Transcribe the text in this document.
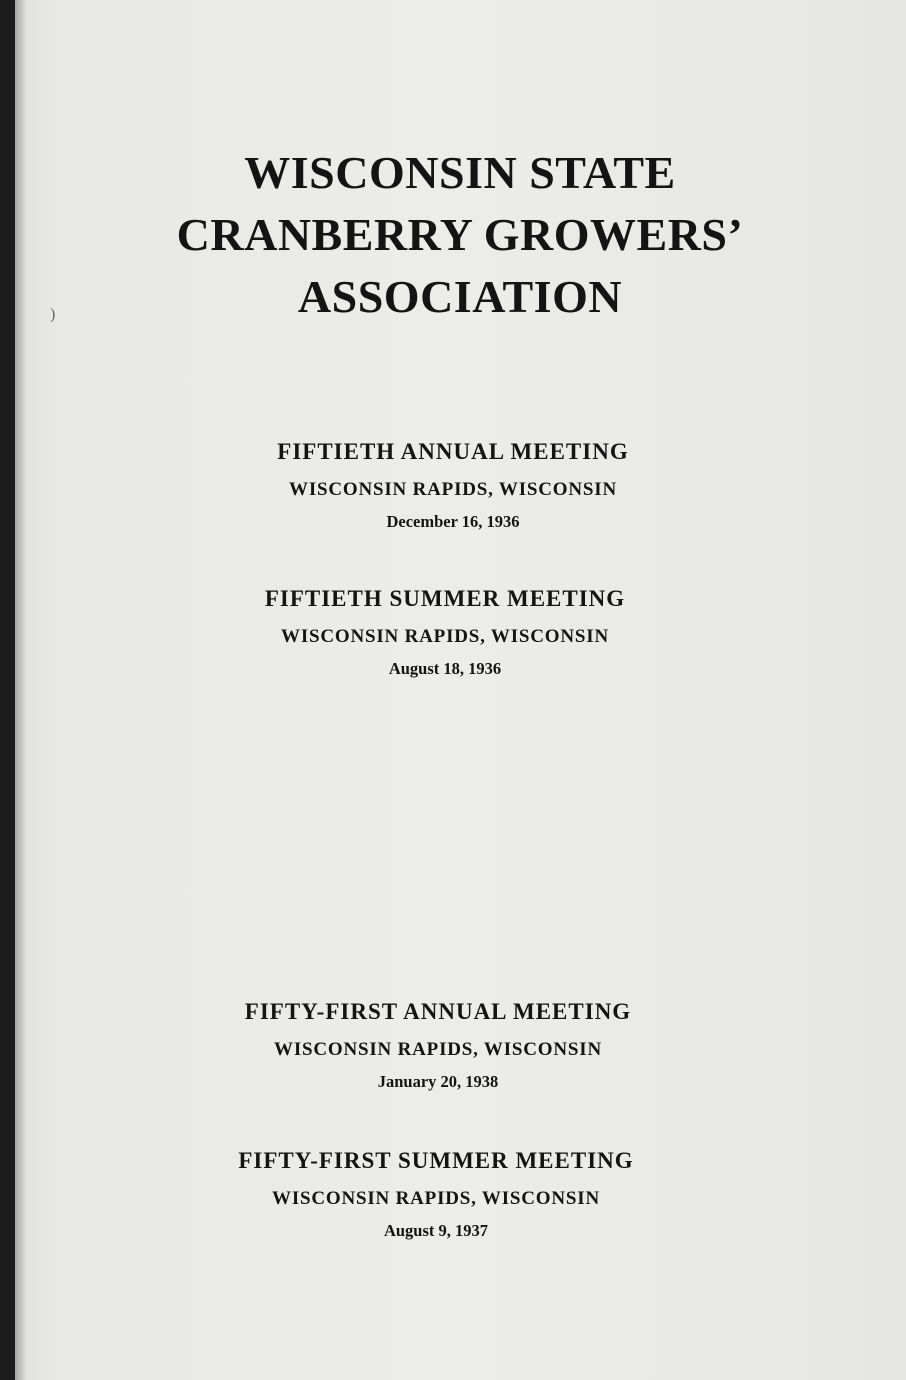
)
WISCONSIN STATE
CRANBERRY GROWERS’
ASSOCIATION
FIFTIETH ANNUAL MEETING
WISCONSIN RAPIDS, WISCONSIN
December 16, 1936
FIFTIETH SUMMER MEETING
WISCONSIN RAPIDS, WISCONSIN
August 18, 1936
FIFTY-FIRST ANNUAL MEETING
WISCONSIN RAPIDS, WISCONSIN
January 20, 1938
FIFTY-FIRST SUMMER MEETING
WISCONSIN RAPIDS, WISCONSIN
August 9, 1937
